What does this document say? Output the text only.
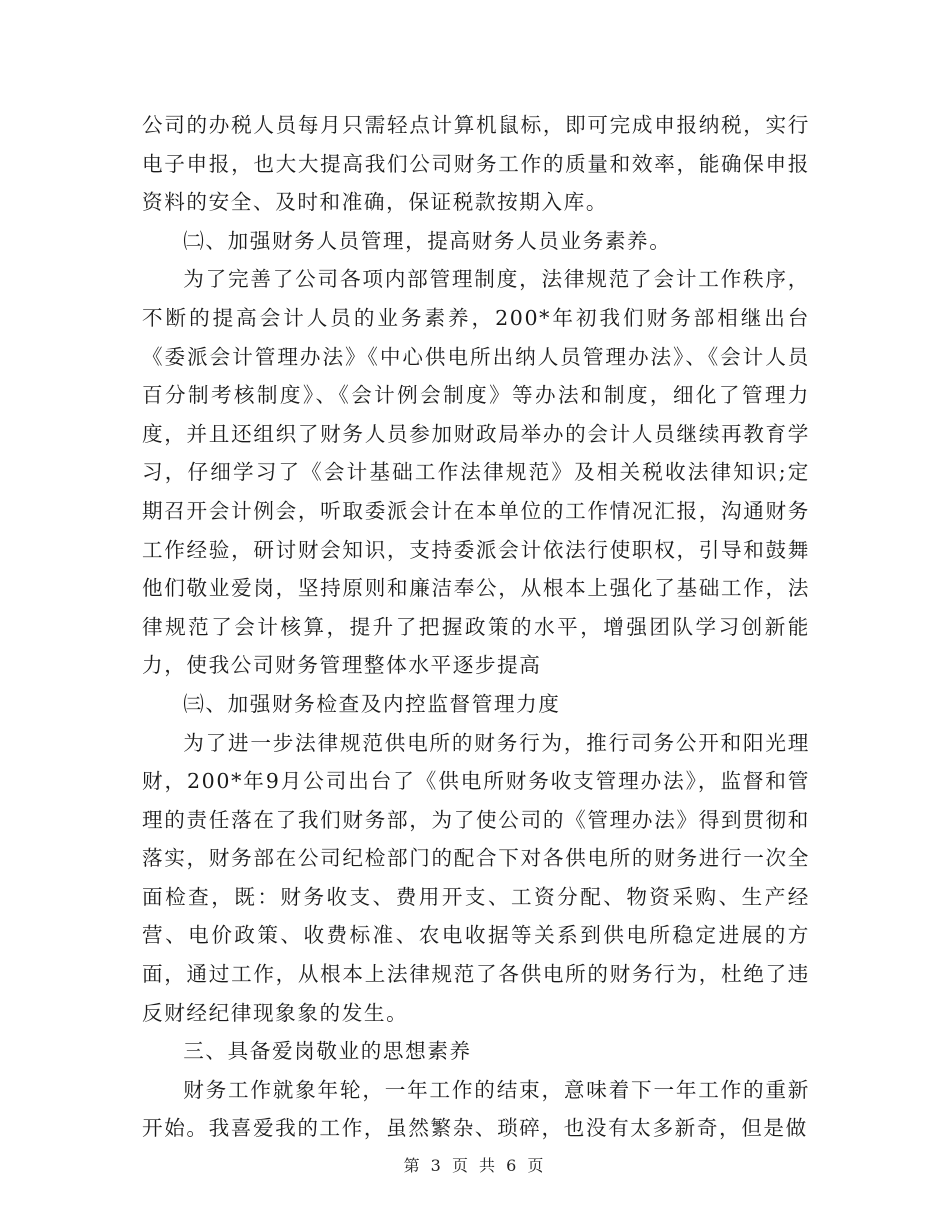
公司的办税人员每月只需轻点计算机鼠标，即可完成申报纳税，实行电子申报，也大大提高我们公司财务工作的质量和效率，能确保申报资料的安全、及时和准确，保证税款按期入库。

㈡、加强财务人员管理，提高财务人员业务素养。

为了完善了公司各项内部管理制度，法律规范了会计工作秩序，不断的提高会计人员的业务素养，200*年初我们财务部相继出台《委派会计管理办法》《中心供电所出纳人员管理办法》、《会计人员百分制考核制度》、《会计例会制度》等办法和制度，细化了管理力度，并且还组织了财务人员参加财政局举办的会计人员继续再教育学习，仔细学习了《会计基础工作法律规范》及相关税收法律知识;定期召开会计例会，听取委派会计在本单位的工作情况汇报，沟通财务工作经验，研讨财会知识，支持委派会计依法行使职权，引导和鼓舞他们敬业爱岗，坚持原则和廉洁奉公，从根本上强化了基础工作，法律规范了会计核算，提升了把握政策的水平，增强团队学习创新能力，使我公司财务管理整体水平逐步提高

㈢、加强财务检查及内控监督管理力度

为了进一步法律规范供电所的财务行为，推行司务公开和阳光理财，200*年9月公司出台了《供电所财务收支管理办法》，监督和管理的责任落在了我们财务部，为了使公司的《管理办法》得到贯彻和落实，财务部在公司纪检部门的配合下对各供电所的财务进行一次全面检查，既：财务收支、费用开支、工资分配、物资采购、生产经营、电价政策、收费标准、农电收据等关系到供电所稳定进展的方面，通过工作，从根本上法律规范了各供电所的财务行为，杜绝了违反财经纪律现象象的发生。

三、具备爱岗敬业的思想素养

财务工作就象年轮，一年工作的结束，意味着下一年工作的重新开始。我喜爱我的工作，虽然繁杂、琐碎，也没有太多新奇，但是做

第 3 页 共 6 页
